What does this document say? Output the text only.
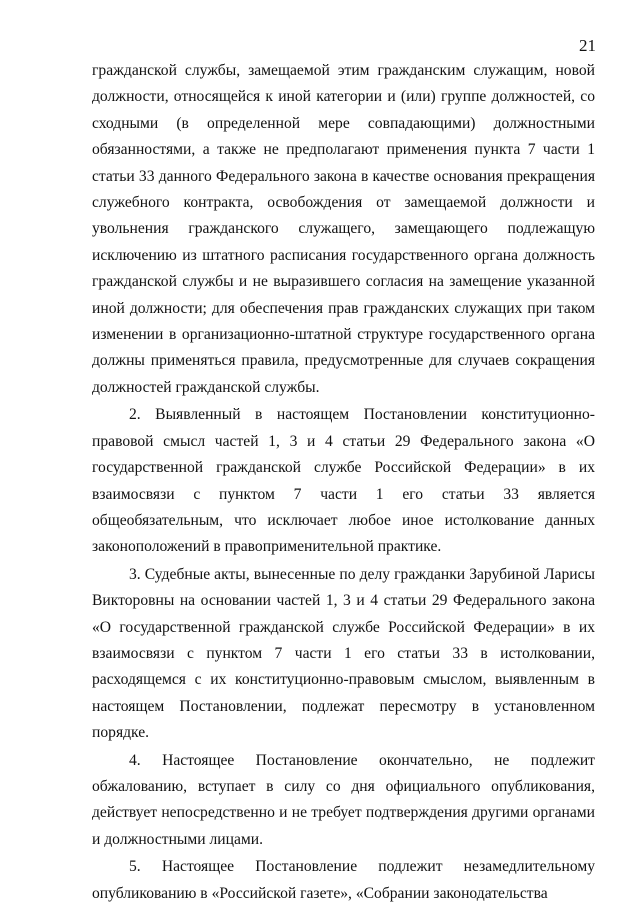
21

гражданской службы, замещаемой этим гражданским служащим, новой должности, относящейся к иной категории и (или) группе должностей, со сходными (в определенной мере совпадающими) должностными обязанностями, а также не предполагают применения пункта 7 части 1 статьи 33 данного Федерального закона в качестве основания прекращения служебного контракта, освобождения от замещаемой должности и увольнения гражданского служащего, замещающего подлежащую исключению из штатного расписания государственного органа должность гражданской службы и не выразившего согласия на замещение указанной иной должности; для обеспечения прав гражданских служащих при таком изменении в организационно-штатной структуре государственного органа должны применяться правила, предусмотренные для случаев сокращения должностей гражданской службы.

2. Выявленный в настоящем Постановлении конституционно-правовой смысл частей 1, 3 и 4 статьи 29 Федерального закона «О государственной гражданской службе Российской Федерации» в их взаимосвязи с пунктом 7 части 1 его статьи 33 является общеобязательным, что исключает любое иное истолкование данных законоположений в правоприменительной практике.

3. Судебные акты, вынесенные по делу гражданки Зарубиной Ларисы Викторовны на основании частей 1, 3 и 4 статьи 29 Федерального закона «О государственной гражданской службе Российской Федерации» в их взаимосвязи с пунктом 7 части 1 его статьи 33 в истолковании, расходящемся с их конституционно-правовым смыслом, выявленным в настоящем Постановлении, подлежат пересмотру в установленном порядке.

4. Настоящее Постановление окончательно, не подлежит обжалованию, вступает в силу со дня официального опубликования, действует непосредственно и не требует подтверждения другими органами и должностными лицами.

5. Настоящее Постановление подлежит незамедлительному опубликованию в «Российской газете», «Собрании законодательства
